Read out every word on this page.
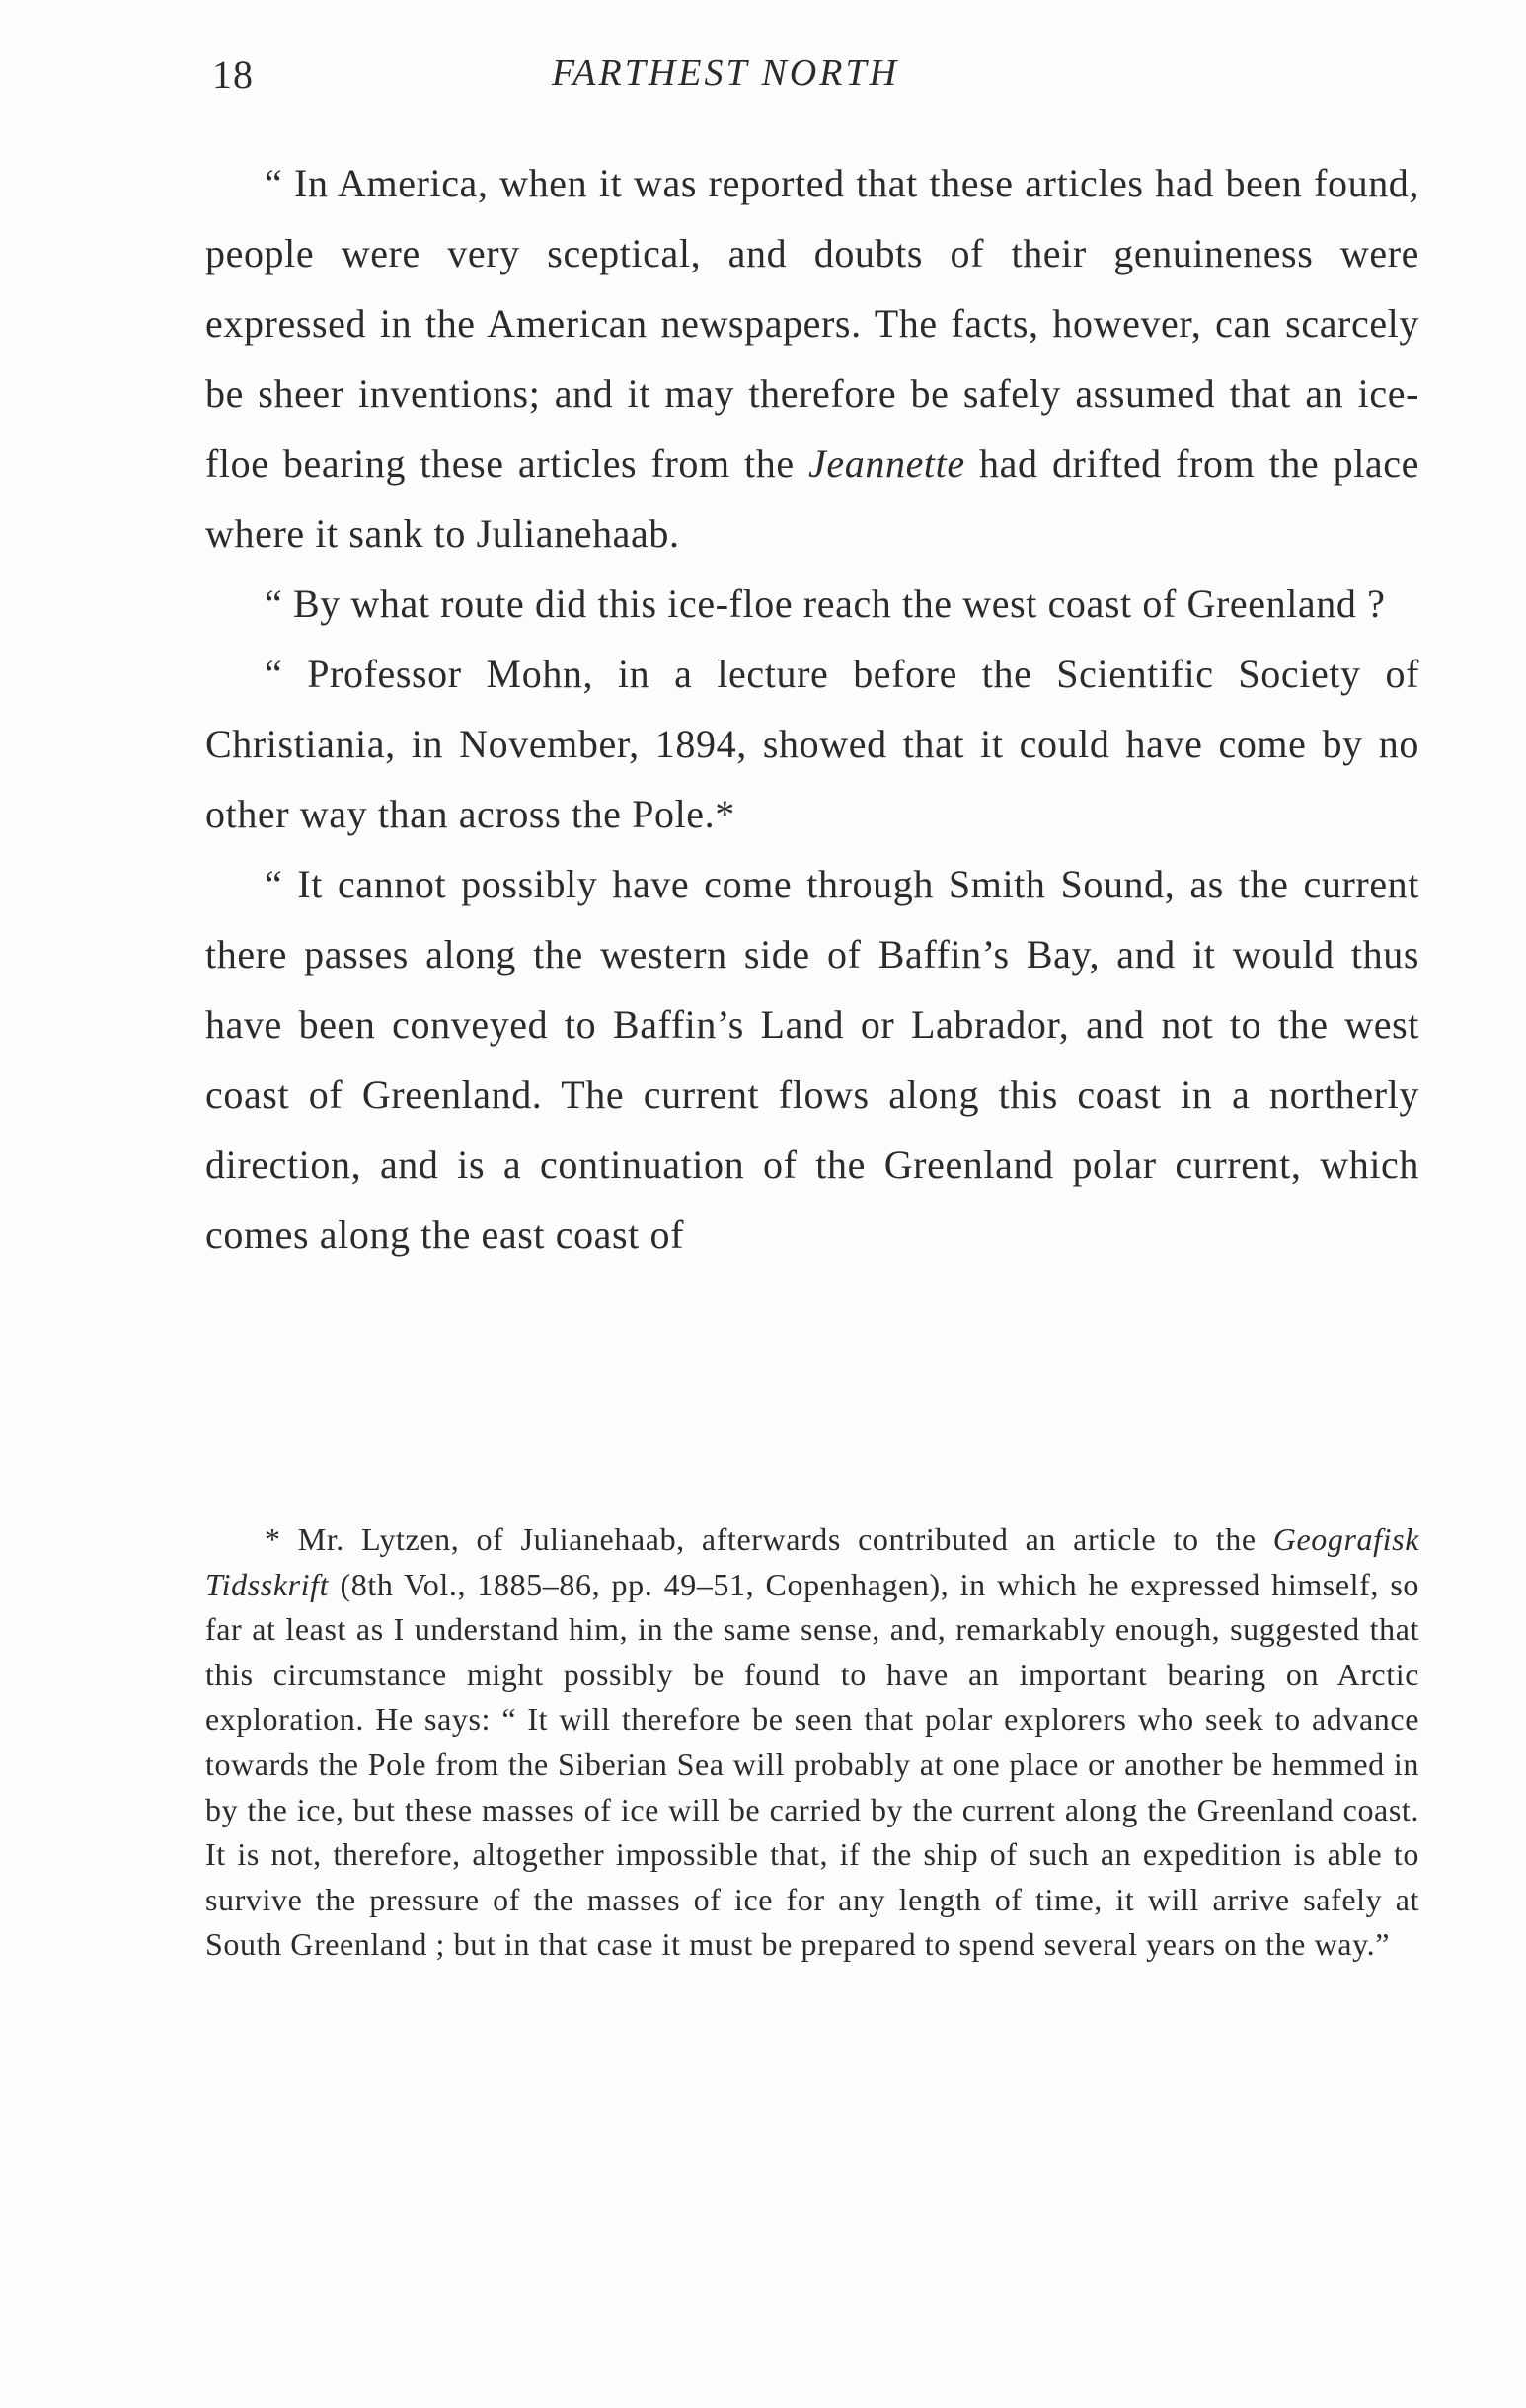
18	FARTHEST NORTH

“ In America, when it was reported that these articles had been found, people were very sceptical, and doubts of their genuineness were expressed in the American newspapers. The facts, however, can scarcely be sheer inventions; and it may therefore be safely assumed that an ice-floe bearing these articles from the Jeannette had drifted from the place where it sank to Julianehaab.

“ By what route did this ice-floe reach the west coast of Greenland ?

“ Professor Mohn, in a lecture before the Scientific Society of Christiania, in November, 1894, showed that it could have come by no other way than across the Pole.*

“ It cannot possibly have come through Smith Sound, as the current there passes along the western side of Baffin’s Bay, and it would thus have been conveyed to Baffin’s Land or Labrador, and not to the west coast of Greenland. The current flows along this coast in a northerly direction, and is a continuation of the Greenland polar current, which comes along the east coast of

* Mr. Lytzen, of Julianehaab, afterwards contributed an article to the Geografisk Tidsskrift (8th Vol., 1885–86, pp. 49–51, Copenhagen), in which he expressed himself, so far at least as I understand him, in the same sense, and, remarkably enough, suggested that this circumstance might possibly be found to have an important bearing on Arctic exploration. He says: “ It will therefore be seen that polar explorers who seek to advance towards the Pole from the Siberian Sea will probably at one place or another be hemmed in by the ice, but these masses of ice will be carried by the current along the Greenland coast. It is not, therefore, altogether impossible that, if the ship of such an expedition is able to survive the pressure of the masses of ice for any length of time, it will arrive safely at South Greenland ; but in that case it must be prepared to spend several years on the way.”
